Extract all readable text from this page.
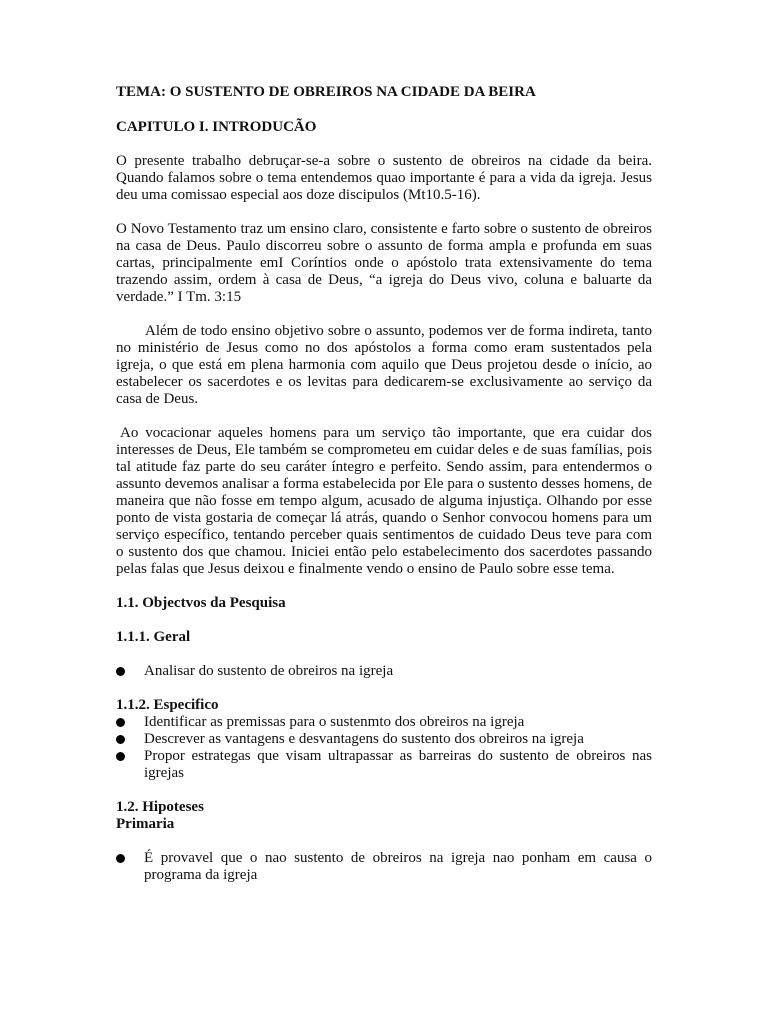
TEMA: O SUSTENTO DE OBREIROS NA CIDADE DA BEIRA
CAPITULO I. INTRODUCÃO

O presente trabalho debruçar-se-a sobre o sustento de obreiros na cidade da beira. Quando falamos sobre o tema entendemos quao importante é para a vida da igreja. Jesus deu uma comissao especial aos doze discipulos (Mt10.5-16).

O Novo Testamento traz um ensino claro, consistente e farto sobre o sustento de obreiros na casa de Deus. Paulo discorreu sobre o assunto de forma ampla e profunda em suas cartas, principalmente emI Coríntios onde o apóstolo trata extensivamente do tema trazendo assim, ordem à casa de Deus, “a igreja do Deus vivo, coluna e baluarte da verdade.” I Tm. 3:15

Além de todo ensino objetivo sobre o assunto, podemos ver de forma indireta, tanto no ministério de Jesus como no dos apóstolos a forma como eram sustentados pela igreja, o que está em plena harmonia com aquilo que Deus projetou desde o início, ao estabelecer os sacerdotes e os levitas para dedicarem-se exclusivamente ao serviço da casa de Deus.

Ao vocacionar aqueles homens para um serviço tão importante, que era cuidar dos interesses de Deus, Ele também se comprometeu em cuidar deles e de suas famílias, pois tal atitude faz parte do seu caráter íntegro e perfeito. Sendo assim, para entendermos o assunto devemos analisar a forma estabelecida por Ele para o sustento desses homens, de maneira que não fosse em tempo algum, acusado de alguma injustiça. Olhando por esse ponto de vista gostaria de começar lá atrás, quando o Senhor convocou homens para um serviço específico, tentando perceber quais sentimentos de cuidado Deus teve para com o sustento dos que chamou. Iniciei então pelo estabelecimento dos sacerdotes passando pelas falas que Jesus deixou e finalmente vendo o ensino de Paulo sobre esse tema.

1.1. Objectvos da Pesquisa
1.1.1. Geral
Analisar do sustento de obreiros na igreja
1.1.2. Especifico
Identificar as premissas para o sustenmto dos obreiros na igreja
Descrever as vantagens e desvantagens do sustento dos obreiros na igreja
Propor estrategas que visam ultrapassar as barreiras do sustento de obreiros nas igrejas
1.2. Hipoteses
Primaria
É provavel que o nao sustento de obreiros na igreja nao ponham em causa o programa da igreja
